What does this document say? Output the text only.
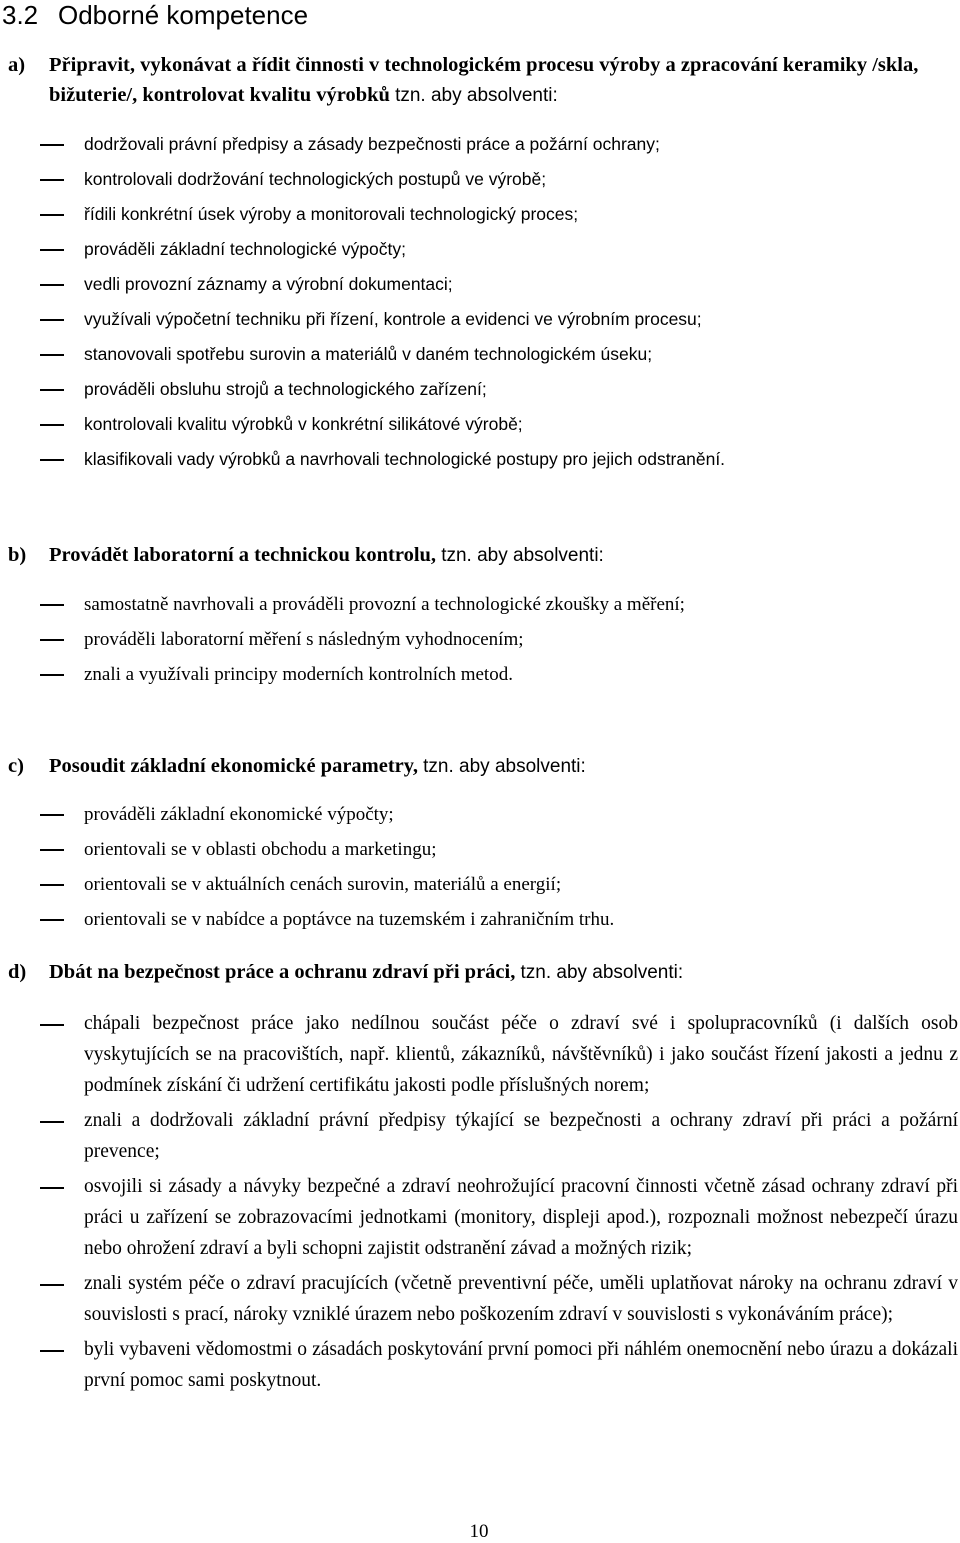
3.2 Odborné kompetence
a)	Připravit, vykonávat a řídit činnosti v technologickém procesu výroby a zpracování keramiky /skla, bižuterie/, kontrolovat kvalitu výrobků tzn. aby absolventi:
dodržovali právní předpisy a zásady bezpečnosti práce a požární ochrany;
kontrolovali dodržování technologických postupů ve výrobě;
řídili konkrétní úsek výroby a monitorovali technologický proces;
prováděli základní technologické výpočty;
vedli provozní záznamy a výrobní dokumentaci;
využívali výpočetní techniku při řízení, kontrole a evidenci ve výrobním procesu;
stanovovali spotřebu surovin a materiálů v daném technologickém úseku;
prováděli obsluhu strojů a technologického zařízení;
kontrolovali kvalitu výrobků v konkrétní silikátové výrobě;
klasifikovali vady výrobků a navrhovali technologické postupy pro jejich odstranění.
b)	Provádět laboratorní a technickou kontrolu, tzn. aby absolventi:
samostatně navrhovali a prováděli provozní a technologické zkoušky a měření;
prováděli laboratorní měření s následným vyhodnocením;
znali a využívali principy moderních kontrolních metod.
c)	Posoudit základní ekonomické parametry, tzn. aby absolventi:
prováděli základní ekonomické výpočty;
orientovali se v oblasti obchodu a marketingu;
orientovali se v aktuálních cenách surovin, materiálů a energií;
orientovali se v nabídce a poptávce na tuzemském i zahraničním trhu.
d)	Dbát na bezpečnost práce a ochranu zdraví při práci, tzn. aby absolventi:
chápali bezpečnost práce jako nedílnou součást péče o zdraví své i spolupracovníků (i dalších osob vyskytujících se na pracovištích, např. klientů, zákazníků, návštěvníků) i jako součást řízení jakosti a jednu z podmínek získání či udržení certifikátu jakosti podle příslušných norem;
znali a dodržovali základní právní předpisy týkající se bezpečnosti a ochrany zdraví při práci a požární prevence;
osvojili si zásady a návyky bezpečné a zdraví neohrožující pracovní činnosti včetně zásad ochrany zdraví při práci u zařízení se zobrazovacími jednotkami (monitory, displeji apod.), rozpoznali možnost nebezpečí úrazu nebo ohrožení zdraví a byli schopni zajistit odstranění závad a možných rizik;
znali systém péče o zdraví pracujících (včetně preventivní péče, uměli uplatňovat nároky na ochranu zdraví v souvislosti s prací, nároky vzniklé úrazem nebo poškozením zdraví v souvislosti s vykonáváním práce);
byli vybaveni vědomostmi o zásadách poskytování první pomoci při náhlém onemocnění nebo úrazu a dokázali první pomoc sami poskytnout.
10
